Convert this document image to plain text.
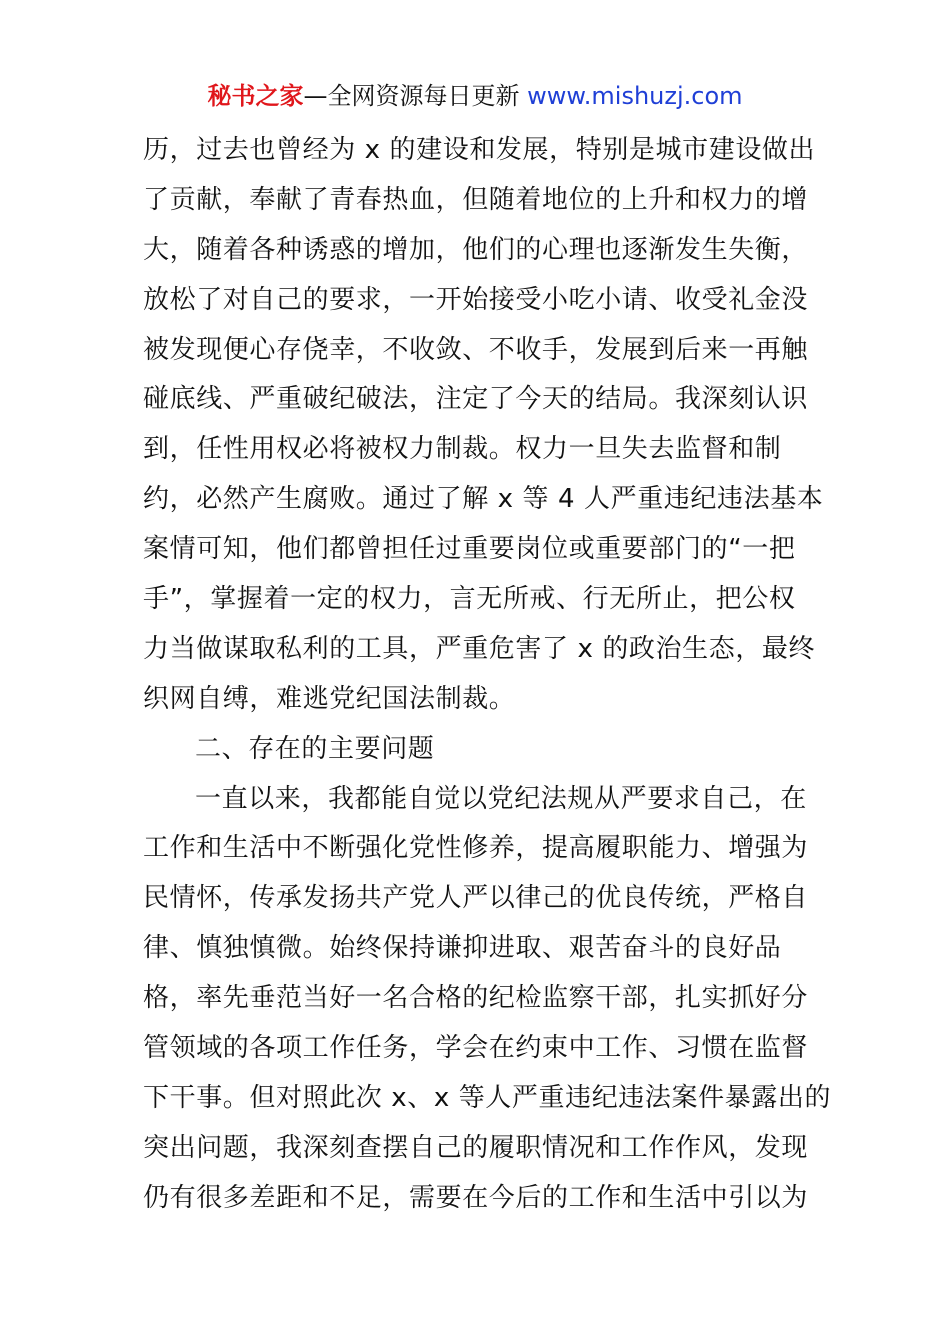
秘书之家—全网资源每日更新 www.mishuzj.com
历，过去也曾经为 x 的建设和发展，特别是城市建设做出
了贡献，奉献了青春热血，但随着地位的上升和权力的增
大，随着各种诱惑的增加，他们的心理也逐渐发生失衡，
放松了对自己的要求，一开始接受小吃小请、收受礼金没
被发现便心存侥幸，不收敛、不收手，发展到后来一再触
碰底线、严重破纪破法，注定了今天的结局。我深刻认识
到，任性用权必将被权力制裁。权力一旦失去监督和制
约，必然产生腐败。通过了解 x 等 4 人严重违纪违法基本
案情可知，他们都曾担任过重要岗位或重要部门的“一把
手”，掌握着一定的权力，言无所戒、行无所止，把公权
力当做谋取私利的工具，严重危害了 x 的政治生态，最终
织网自缚，难逃党纪国法制裁。
二、存在的主要问题
一直以来，我都能自觉以党纪法规从严要求自己，在
工作和生活中不断强化党性修养，提高履职能力、增强为
民情怀，传承发扬共产党人严以律己的优良传统，严格自
律、慎独慎微。始终保持谦抑进取、艰苦奋斗的良好品
格，率先垂范当好一名合格的纪检监察干部，扎实抓好分
管领域的各项工作任务，学会在约束中工作、习惯在监督
下干事。但对照此次 x、x 等人严重违纪违法案件暴露出的
突出问题，我深刻查摆自己的履职情况和工作作风，发现
仍有很多差距和不足，需要在今后的工作和生活中引以为
